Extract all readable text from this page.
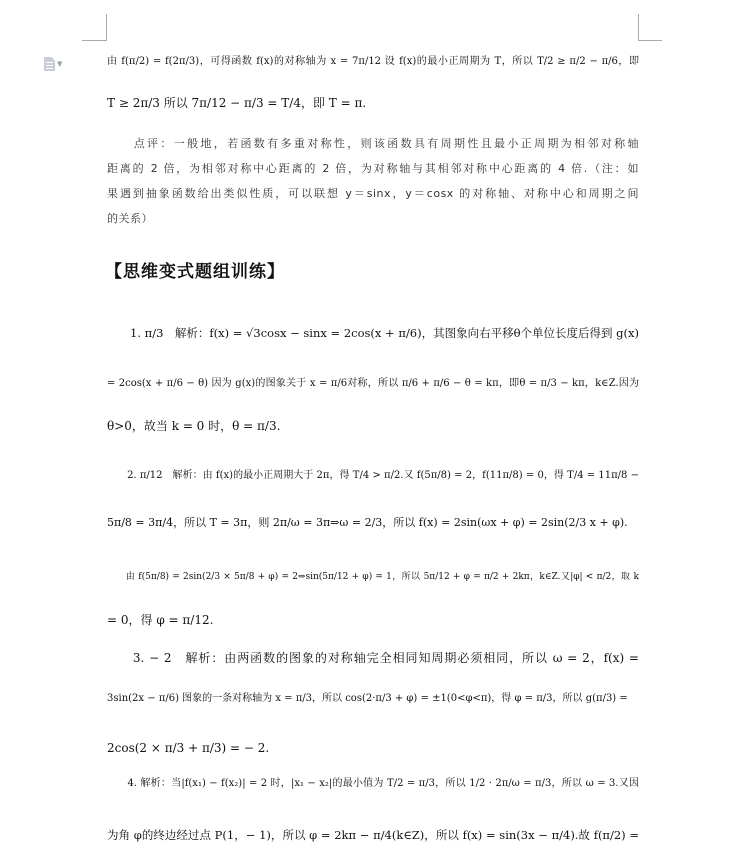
▼	由 f(π/2) = f(2π/3)，可得函数 f(x)的对称轴为 x = 7π/12 设 f(x)的最小正周期为 T，所以 T/2 ≥ π/2 − π/6，即
T ≥ 2π/3 所以 7π/12 − π/3 = T/4，即 T = π.
　　点评：一般地，若函数有多重对称性，则该函数具有周期性且最小正周期为相邻对称轴
距离的 2 倍，为相邻对称中心距离的 2 倍，为对称轴与其相邻对称中心距离的 4 倍.（注：如
果遇到抽象函数给出类似性质，可以联想 y＝sinx，y＝cosx 的对称轴、对称中心和周期之间
的关系）
【思维变式题组训练】
　　1. π/3　解析：f(x) = √3cosx − sinx = 2cos(x + π/6)，其图象向右平移θ个单位长度后得到 g(x)
= 2cos(x + π/6 − θ) 因为 g(x)的图象关于 x = π/6对称，所以 π/6 + π/6 − θ = kπ，即θ = π/3 − kπ，k∈Z.因为
θ>0，故当 k = 0 时，θ = π/3.
　　2. π/12　解析：由 f(x)的最小正周期大于 2π，得 T/4 > π/2.又 f(5π/8) = 2，f(11π/8) = 0，得 T/4 = 11π/8 −
5π/8 = 3π/4，所以 T = 3π，则 2π/ω = 3π⇒ω = 2/3，所以 f(x) = 2sin(ωx + φ) = 2sin(2/3 x + φ).
　　由 f(5π/8) = 2sin(2/3 × 5π/8 + φ) = 2⇒sin(5π/12 + φ) = 1，所以 5π/12 + φ = π/2 + 2kπ，k∈Z.又|φ| < π/2，取 k
= 0，得 φ = π/12.
　　3. − 2　解析：由两函数的图象的对称轴完全相同知周期必须相同，所以 ω = 2，f(x) =
3sin(2x − π/6) 图象的一条对称轴为 x = π/3，所以 cos(2·π/3 + φ) = ±1(0<φ<π)，得 φ = π/3，所以 g(π/3) =
2cos(2 × π/3 + π/3) = − 2.
　　4. 解析：当|f(x₁) − f(x₂)| = 2 时，|x₁ − x₂|的最小值为 T/2 = π/3，所以 1/2 · 2π/ω = π/3，所以 ω = 3.又因
为角 φ的终边经过点 P(1，− 1)，所以 φ = 2kπ − π/4(k∈Z)，所以 f(x) = sin(3x − π/4).故 f(π/2) =
